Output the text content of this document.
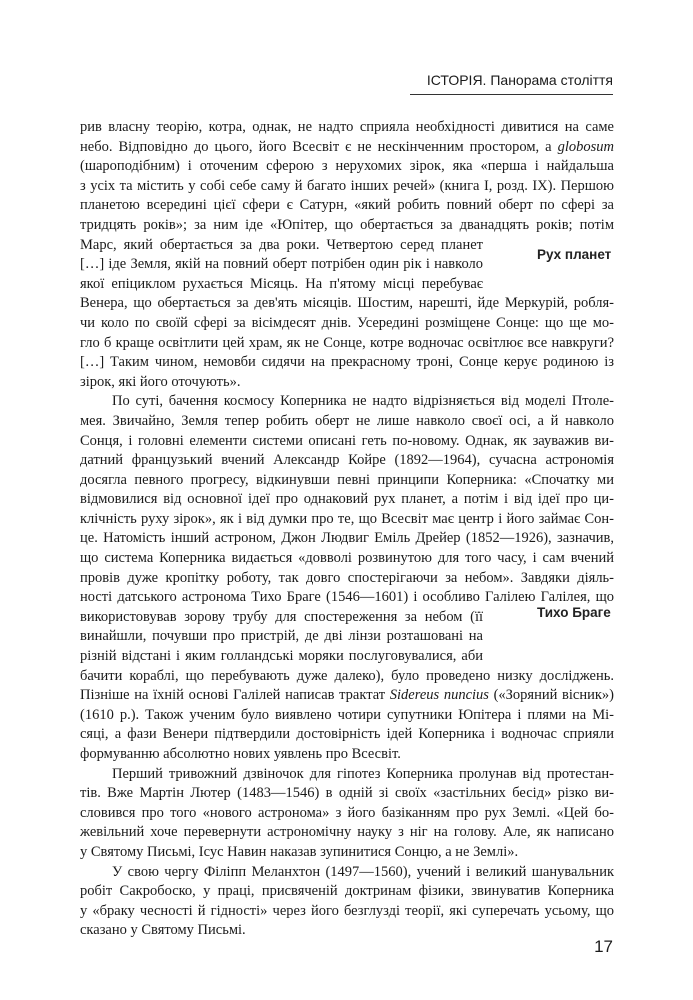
ІСТОРІЯ. Панорама століття

рив власну теорію, котра, однак, не надто сприяла необхідності дивитися на саме
небо. Відповідно до цього, його Всесвіт є не нескінченним простором, а globosum
(шароподібним) і оточеним сферою з нерухомих зірок, яка «перша і найдальша
з усіх та містить у собі себе саму й багато інших речей» (книга I, розд. IX). Першою
планетою всередині цієї сфери є Сатурн, «який робить повний оберт по сфері за
тридцять років»; за ним іде «Юпітер, що обертається за дванадцять років; потім
Марс, який обертається за два роки. Четвертою серед планет
[…] іде Земля, якій на повний оберт потрібен один рік і навколо
якої епіциклом рухається Місяць. На п'ятому місці перебуває
Венера, що обертається за дев'ять місяців. Шостим, нарешті, йде Меркурій, робля-
чи коло по своїй сфері за вісімдесят днів. Усередині розміщене Сонце: що ще мо-
гло б краще освітлити цей храм, як не Сонце, котре водночас освітлює все навкруги?
[…] Таким чином, немовби сидячи на прекрасному троні, Сонце керує родиною із
зірок, які його оточують».

По суті, бачення космосу Коперника не надто відрізняється від моделі Птоле-
мея. Звичайно, Земля тепер робить оберт не лише навколо своєї осі, а й навколо
Сонця, і головні елементи системи описані геть по-новому. Однак, як зауважив ви-
датний французький вчений Александр Койре (1892—1964), сучасна астрономія
досягла певного прогресу, відкинувши певні принципи Коперника: «Спочатку ми
відмовилися від основної ідеї про однаковий рух планет, а потім і від ідеї про ци-
клічність руху зірок», як і від думки про те, що Всесвіт має центр і його займає Сон-
це. Натомість інший астроном, Джон Людвиг Еміль Дрейер (1852—1926), зазначив,
що система Коперника видається «довволі розвинутою для того часу, і сам вчений
провів дуже кропітку роботу, так довго спостерігаючи за небом». Завдяки діяль-
ності датського астронома Тихо Браге (1546—1601) і особливо Галілею Галілея, що
використовував зорову трубу для спостереження за небом (її
винайшли, почувши про пристрій, де дві лінзи розташовані на
різній відстані і яким голландські моряки послуговувалися, аби
бачити кораблі, що перебувають дуже далеко), було проведено низку досліджень.
Пізніше на їхній основі Галілей написав трактат Sidereus nuncius («Зоряний вісник»)
(1610 р.). Також ученим було виявлено чотири супутники Юпітера і плями на Мі-
сяці, а фази Венери підтвердили достовірність ідей Коперника і водночас сприяли
формуванню абсолютно нових уявлень про Всесвіт.

Перший тривожний дзвіночок для гіпотез Коперника пролунав від протестан-
тів. Вже Мартін Лютер (1483—1546) в одній зі своїх «застільних бесід» різко ви-
словився про того «нового астронома» з його базіканням про рух Землі. «Цей бо-
жевільний хоче перевернути астрономічну науку з ніг на голову. Але, як написано
у Святому Письмі, Ісус Навин наказав зупинитися Сонцю, а не Землі».

У свою чергу Філіпп Меланхтон (1497—1560), учений і великий шанувальник
робіт Сакробоско, у праці, присвяченій доктринам фізики, звинуватив Коперника
у «браку чесності й гідності» через його безглузді теорії, які суперечать усьому, що
сказано у Святому Письмі.

Рух планет
Тихо Браге
17
